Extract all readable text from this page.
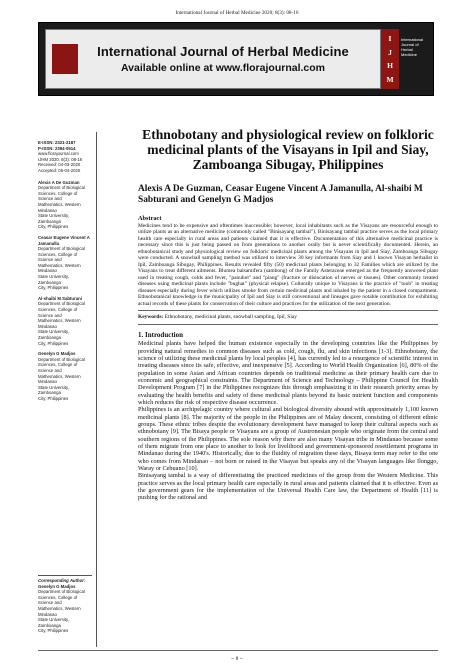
International Journal of Herbal Medicine 2020; 8(3): 08-16
International Journal of Herbal Medicine
Available online at www.florajournal.com
I
J
H
M
International Journal of Herbal Medicine
E-ISSN: 2321-2187
P-ISSN: 2394-0514
www.florajournal.com
IJHM 2020; 8(3): 08-16
Received: 04-03-2020
Accepted: 06-04-2020
Alexis A De Guzman
Department of Biological
Sciences, College of Science and
Mathematics, Western Mindanao
State University, Zamboanga
City, Philippines
Ceasar Eugene Vincent A
Jamanulla
Department of Biological
Sciences, College of Science and
Mathematics, Western Mindanao
State University, Zamboanga
City, Philippines
Al-shaibi M Sabturani
Department of Biological
Sciences, College of Science and
Mathematics, Western Mindanao
State University, Zamboanga
City, Philippines
Genelyn G Madjos
Department of Biological
Sciences, College of Science and
Mathematics, Western Mindanao
State University, Zamboanga
City, Philippines
Corresponding Author:
Genelyn G Madjos
Department of Biological
Sciences, College of Science and
Mathematics, Western Mindanao
State University, Zamboanga
City, Philippines
Ethnobotany and physiological review on folkloric medicinal plants of the Visayans in Ipil and Siay, Zamboanga Sibugay, Philippines
Alexis A De Guzman, Ceasar Eugene Vincent A Jamanulla, Al-shaibi M Sabturani and Genelyn G Madjos
Abstract

Medicines tend to be expensive and oftentimes inaccessible; however, local inhabitants such as the Visayans are resourceful enough to utilize plants as an alternative medicine (commonly called "Binisayang tambal"). Binisayang tambal practice serves as the local primary health care especially in rural areas and patients claimed that it is effective. Documentation of this alternative medicinal practice is necessary since this is just being passed on from generations to another orally but is never scientifically documented. Herein, an ethnobotanical study and physiological review on folkloric medicinal plants among the Visayans in Ipil and Siay, Zamboanga Sibugay were conducted. A snowball sampling method was utilized to interview 30 key informants from Siay and 1 known Visayan herbalist in Ipil, Zamboanga Sibugay, Philippines. Results revealed fifty (50) medicinal plants belonging to 32 Families which are utilized by the Visayans to treat different ailments. Blumea balsamifera (sambong) of the Family Asteraceae emerged as the frequently answered plant used in treating cough, colds and fever, "panuhot" and "piang" (fracture or dislocation of nerves or tissues). Other commonly treated diseases using medicinal plants include "bughat" (physical relapse). Culturally unique to Visayans is the practice of "tuob" in treating diseases especially during fever which utilizes smoke from certain medicinal plants and inhaled by the patient in a closed compartment. Ethnobotanical knowledge in the municipality of Ipil and Siay is still conventional and lineages gave notable contribution for exhibiting actual records of these plants for conservation of their culture and practices for the utilization of the next generation.

Keywords: Ethnobotany, medicinal plants, snowball sampling, Ipil, Siay
1. Introduction

Medicinal plants have helped the human existence especially in the developing countries like the Philippines by providing natural remedies to common diseases such as cold, cough, flu, and skin infections [1-3]. Ethnobotany, the science of utilizing these medicinal plants by local peoples [4], has currently led to a resurgence of scientific interest in treating diseases since its safe, effective, and inexpensive [5]. According to World Health Organization [6], 80% of the population in some Asian and African countries depends on traditional medicine as their primary health care due to economic and geographical constraints. The Department of Science and Technology – Philippine Council for Health Development Program [7] in the Philippines recognizes this through emphasizing it in their research priority areas by evaluating the health benefits and safety of these medicinal plants beyond its basic nutrient function and components which reduces the risk of respective disease occurrence.

Philippines is an archipelagic country where cultural and biological diversity abound with approximately 1,100 known medicinal plants [8]. The majority of the people in the Philippines are of Malay descent, consisting of different ethnic groups. These ethnic tribes despite the evolutionary development have managed to keep their cultural aspects such as ethnobotany [9]. The Bisaya people or Visayans are a group of Austronesian people who originate from the central and southern regions of the Philippines. The sole reason why there are also many Visayan tribe in Mindanao because some of them migrate from one place to another to look for livelihood and government-sponsored resettlement programs in Mindanao during the 1940's. Historically, due to the fluidity of migration these days, Bisaya term may refer to the one who comes from Mindanao – not born or raised in the Visayas but speaks any of the Visayan languages like Ilonggo, Waray or Cebuano [10].

Binisayang tambal is a way of differentiating the practiced medicines of the group from the Western Medicine. This practice serves as the local primary health care especially in rural areas and patients claimed that it is effective. Even as the government gears for the implementation of the Universal Health Care law, the Department of Health [11] is pushing for the rational and

~ 8 ~
